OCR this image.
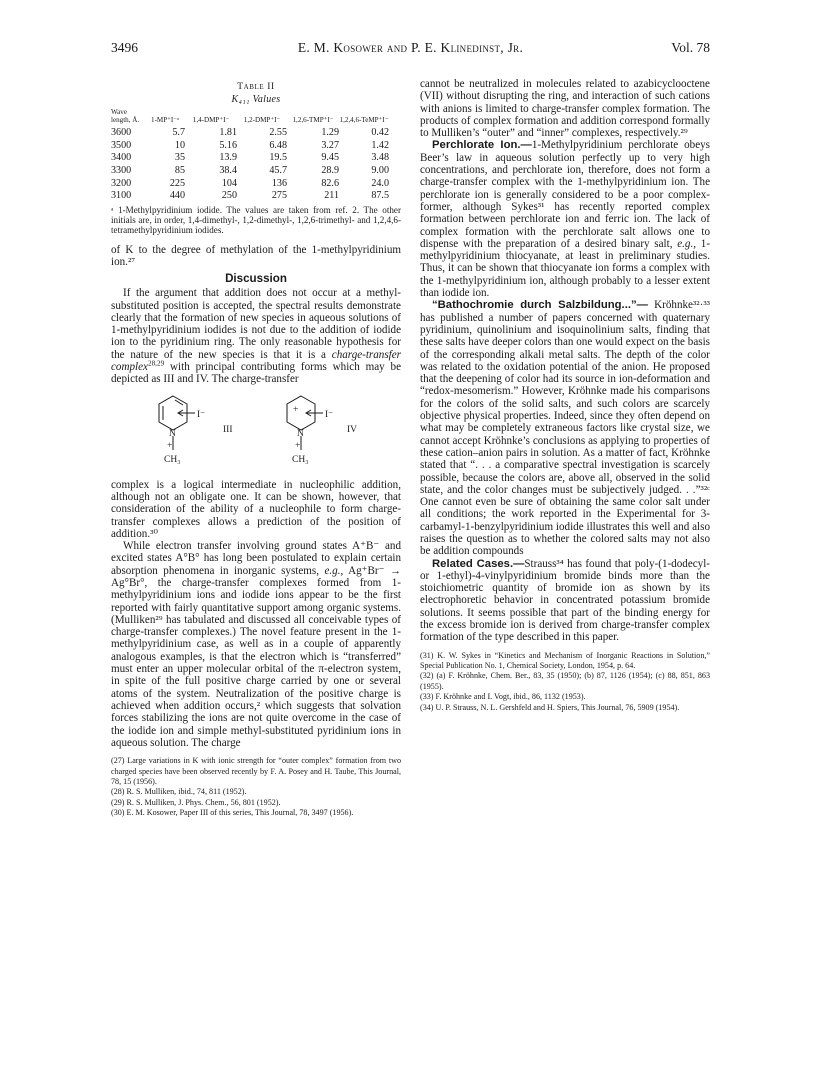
3496	E. M. Kosower and P. E. Klinedinst, Jr.	Vol. 78
Table II
K₄₁₁ Values
Wave length, Å.	1-MP⁺I⁻ᵃ	1,4-DMP⁺I⁻	1,2-DMP⁺I⁻	1,2,6-TMP⁺I⁻	1,2,4,6-TeMP⁺I⁻
3600	5.7	1.81	2.55	1.29	0.42
3500	10	5.16	6.48	3.27	1.42
3400	35	13.9	19.5	9.45	3.48
3300	85	38.4	45.7	28.9	9.00
3200	225	104	136	82.6	24.0
3100	440	250	275	211	87.5

ᵃ 1-Methylpyridinium iodide. The values are taken from ref. 2. The other initials are, in order, 1,4-dimethyl-, 1,2-dimethyl-, 1,2,6-trimethyl- and 1,2,4,6-tetramethylpyridinium iodides.

of K to the degree of methylation of the 1-methylpyridinium ion.²⁷

Discussion

If the argument that addition does not occur at a methyl-substituted position is accepted, the spectral results demonstrate clearly that the formation of new species in aqueous solutions of 1-methylpyridinium iodides is not due to the addition of iodide ion to the pyridinium ring. The only reasonable hypothesis for the nature of the new species is that it is a charge-transfer complex$^{28,29}$ with principal contributing forms which may be depicted as III and IV. The charge-transfer

I⁻
N
+
CH₃
III
+	I⁻
N
+
CH₃
IV

complex is a logical intermediate in nucleophilic addition, although not an obligate one. It can be shown, however, that consideration of the ability of a nucleophile to form charge-transfer complexes allows a prediction of the position of addition.³⁰

While electron transfer involving ground states A⁺B⁻ and excited states A°B° has long been postulated to explain certain absorption phenomena in inorganic systems, e.g., Ag⁺Br⁻ → Ag°Br°, the charge-transfer complexes formed from 1-methylpyridinium ions and iodide ions appear to be the first reported with fairly quantitative support among organic systems. (Mulliken²⁹ has tabulated and discussed all conceivable types of charge-transfer complexes.) The novel feature present in the 1-methylpyridinium case, as well as in a couple of apparently analogous examples, is that the electron which is “transferred” must enter an upper molecular orbital of the π-electron system, in spite of the full positive charge carried by one or several atoms of the system. Neutralization of the positive charge is achieved when addition occurs,² which suggests that solvation forces stabilizing the ions are not quite overcome in the case of the iodide ion and simple methyl-substituted pyridinium ions in aqueous solution. The charge

(27) Large variations in K with ionic strength for “outer complex” formation from two charged species have been observed recently by F. A. Posey and H. Taube, This Journal, 78, 15 (1956).

(28) R. S. Mulliken, ibid., 74, 811 (1952).

(29) R. S. Mulliken, J. Phys. Chem., 56, 801 (1952).

(30) E. M. Kosower, Paper III of this series, This Journal, 78, 3497 (1956).

cannot be neutralized in molecules related to azabicyclooctene (VII) without disrupting the ring, and interaction of such cations with anions is limited to charge-transfer complex formation. The products of complex formation and addition correspond formally to Mulliken’s “outer” and “inner” complexes, respectively.²⁹

Perchlorate Ion.—1-Methylpyridinium perchlorate obeys Beer’s law in aqueous solution perfectly up to very high concentrations, and perchlorate ion, therefore, does not form a charge-transfer complex with the 1-methylpyridinium ion. The perchlorate ion is generally considered to be a poor complex-former, although Sykes³¹ has recently reported complex formation between perchlorate ion and ferric ion. The lack of complex formation with the perchlorate salt allows one to dispense with the preparation of a desired binary salt, e.g., 1-methylpyridinium thiocyanate, at least in preliminary studies. Thus, it can be shown that thiocyanate ion forms a complex with the 1-methylpyridinium ion, although probably to a lesser extent than iodide ion.

“Bathochromie durch Salzbildung...”— Kröhnke³²·³³ has published a number of papers concerned with quaternary pyridinium, quinolinium and isoquinolinium salts, finding that these salts have deeper colors than one would expect on the basis of the corresponding alkali metal salts. The depth of the color was related to the oxidation potential of the anion. He proposed that the deepening of color had its source in ion-deformation and “redox-mesomerism.” However, Kröhnke made his comparisons for the colors of the solid salts, and such colors are scarcely objective physical properties. Indeed, since they often depend on what may be completely extraneous factors like crystal size, we cannot accept Kröhnke’s conclusions as applying to properties of these cation–anion pairs in solution. As a matter of fact, Kröhnke stated that “. . . a comparative spectral investigation is scarcely possible, because the colors are, above all, observed in the solid state, and the color changes must be subjectively judged. . .”³²ᶜ One cannot even be sure of obtaining the same color salt under all conditions; the work reported in the Experimental for 3-carbamyl-1-benzylpyridinium iodide illustrates this well and also raises the question as to whether the colored salts may not also be addition compounds

Related Cases.—Strauss³⁴ has found that poly-(1-dodecyl- or 1-ethyl)-4-vinylpyridinium bromide binds more than the stoichiometric quantity of bromide ion as shown by its electrophoretic behavior in concentrated potassium bromide solutions. It seems possible that part of the binding energy for the excess bromide ion is derived from charge-transfer complex formation of the type described in this paper.

(31) K. W. Sykes in “Kinetics and Mechanism of Inorganic Reactions in Solution,” Special Publication No. 1, Chemical Society, London, 1954, p. 64.

(32) (a) F. Kröhnke, Chem. Ber., 83, 35 (1950); (b) 87, 1126 (1954); (c) 88, 851, 863 (1955).

(33) F. Kröhnke and I. Vogt, ibid., 86, 1132 (1953).

(34) U. P. Strauss, N. L. Gershfeld and H. Spiers, This Journal, 76, 5909 (1954).
